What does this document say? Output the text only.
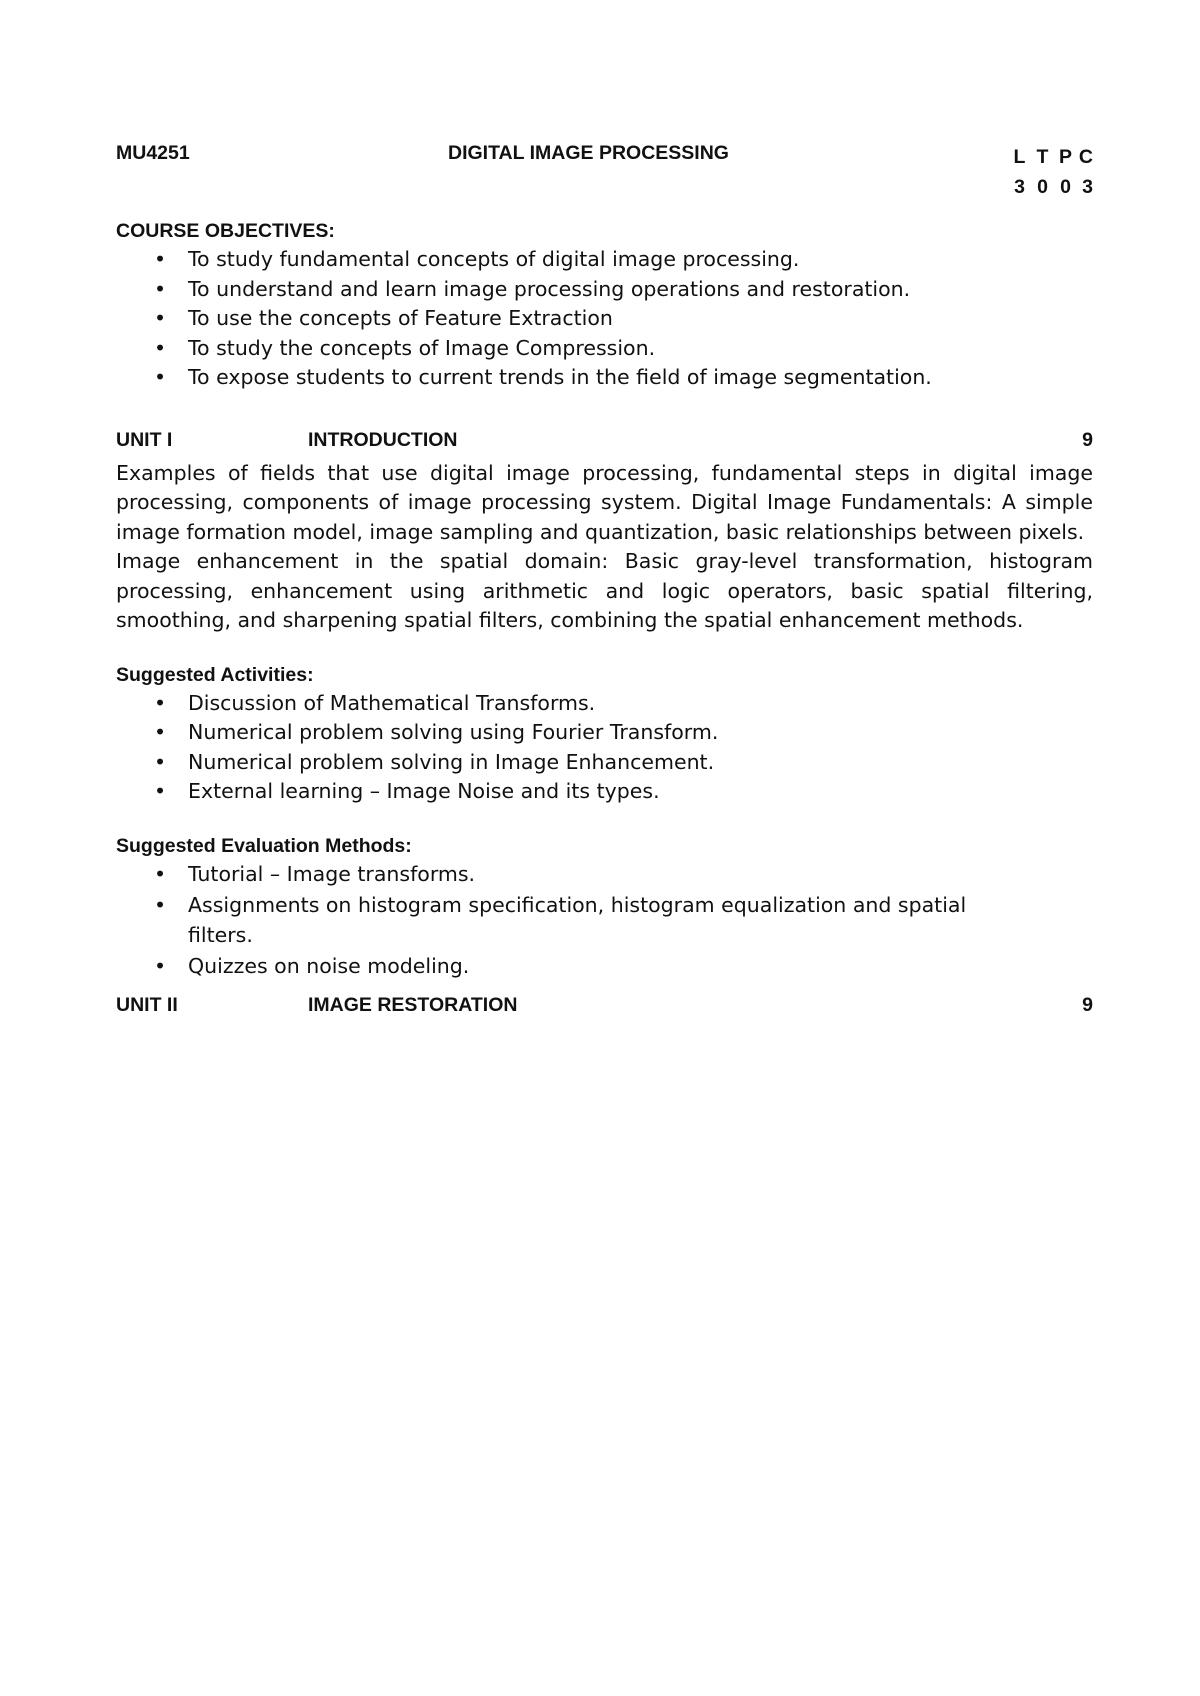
MU4251	DIGITAL IMAGE PROCESSING	L T P C
3 0 0 3
COURSE OBJECTIVES:
• To study fundamental concepts of digital image processing.
• To understand and learn image processing operations and restoration.
• To use the concepts of Feature Extraction
• To study the concepts of Image Compression.
• To expose students to current trends in the field of image segmentation.
UNIT I	INTRODUCTION	9

Examples of fields that use digital image processing, fundamental steps in digital image processing, components of image processing system. Digital Image Fundamentals: A simple image formation model, image sampling and quantization, basic relationships between pixels.

Image enhancement in the spatial domain: Basic gray-level transformation, histogram processing, enhancement using arithmetic and logic operators, basic spatial filtering, smoothing, and sharpening spatial filters, combining the spatial enhancement methods.

Suggested Activities:
• Discussion of Mathematical Transforms.
• Numerical problem solving using Fourier Transform.
• Numerical problem solving in Image Enhancement.
• External learning – Image Noise and its types.
Suggested Evaluation Methods:
• Tutorial – Image transforms.
• Assignments on histogram specification, histogram equalization and spatial filters.
• Quizzes on noise modeling.
UNIT II	IMAGE RESTORATION	9
